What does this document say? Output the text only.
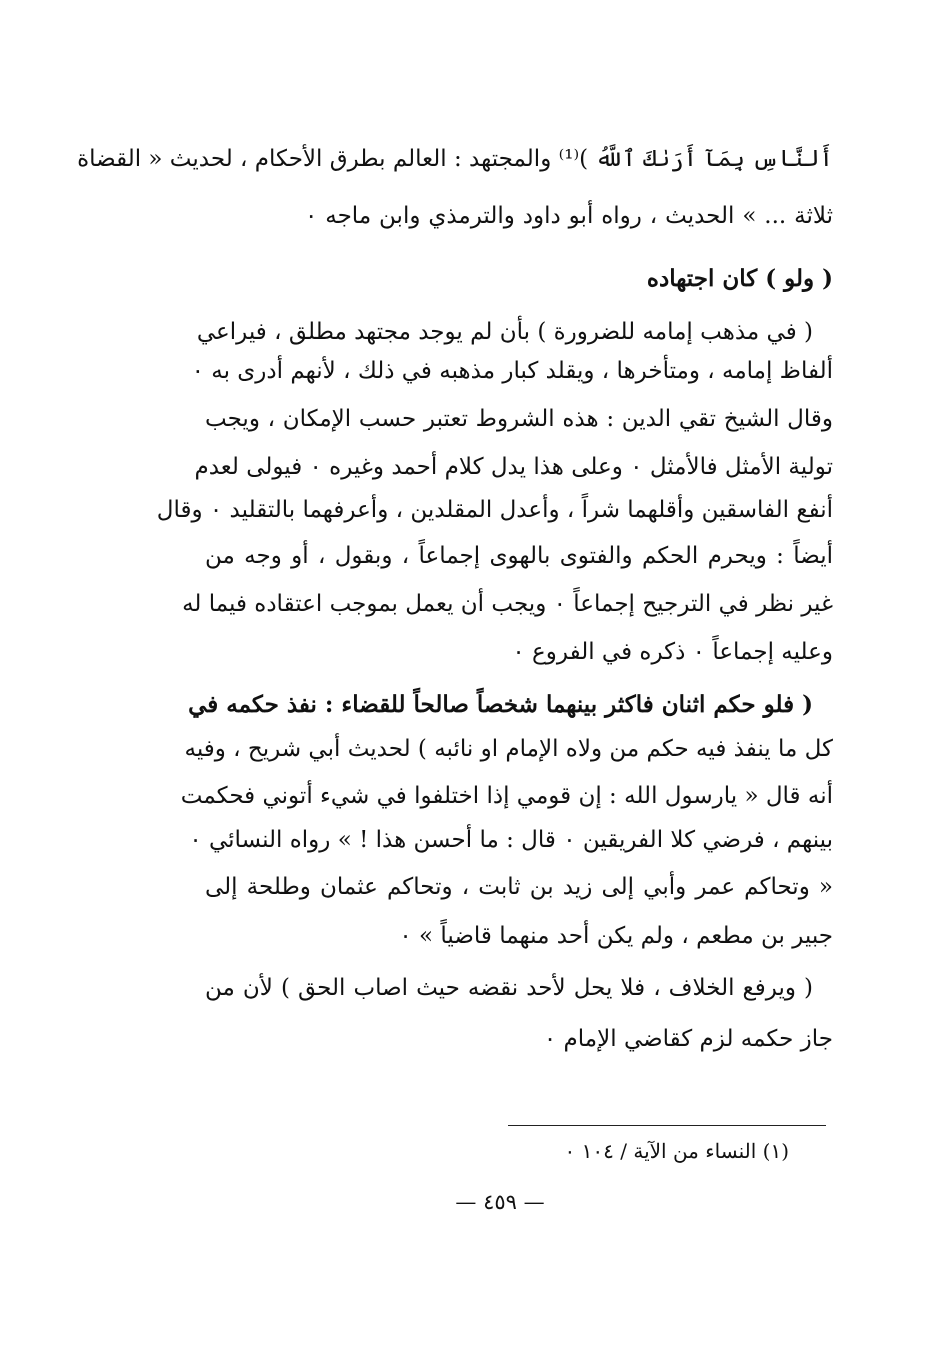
أَلنَّاسِ بِمَآ أَرَىٰكَ ٱللَّهُ )⁽¹⁾ والمجتهد : العالم بطرق الأحكام ، لحديث « القضاة
ثلاثة ... » الحديث ، رواه أبو داود والترمذي وابن ماجه ٠
( ولو ) كان اجتهاده
( في مذهب إمامه للضرورة ) بأن لم يوجد مجتهد مطلق ، فيراعي
ألفاظ إمامه ، ومتأخرها ، ويقلد كبار مذهبه في ذلك ، لأنهم أدرى به ٠
وقال الشيخ تقي الدين : هذه الشروط تعتبر حسب الإمكان ، ويجب
تولية الأمثل فالأمثل ٠ وعلى هذا يدل كلام أحمد وغيره ٠ فيولى لعدم
أنفع الفاسقين وأقلهما شراً ، وأعدل المقلدين ، وأعرفهما بالتقليد ٠ وقال
أيضاً : ويحرم الحكم والفتوى بالهوى إجماعاً ، وبقول ، أو وجه من
غير نظر في الترجيح إجماعاً ٠ ويجب أن يعمل بموجب اعتقاده فيما له
وعليه إجماعاً ٠ ذكره في الفروع ٠
( فلو حكم اثنان فاكثر بينهما شخصاً صالحاً للقضاء : نفذ حكمه في
كل ما ينفذ فيه حكم من ولاه الإمام او نائبه ) لحديث أبي شريح ، وفيه
أنه قال « يارسول الله : إن قومي إذا اختلفوا في شيء أتوني فحكمت
بينهم ، فرضي كلا الفريقين ٠ قال : ما أحسن هذا ! » رواه النسائي ٠
« وتحاكم عمر وأبي إلى زيد بن ثابت ، وتحاكم عثمان وطلحة إلى
جبير بن مطعم ، ولم يكن أحد منهما قاضياً » ٠
( ويرفع الخلاف ، فلا يحل لأحد نقضه حيث اصاب الحق ) لأن من
جاز حكمه لزم كقاضي الإمام ٠
(١) النساء من الآية / ١٠٤ ٠
— ٤٥٩ —
